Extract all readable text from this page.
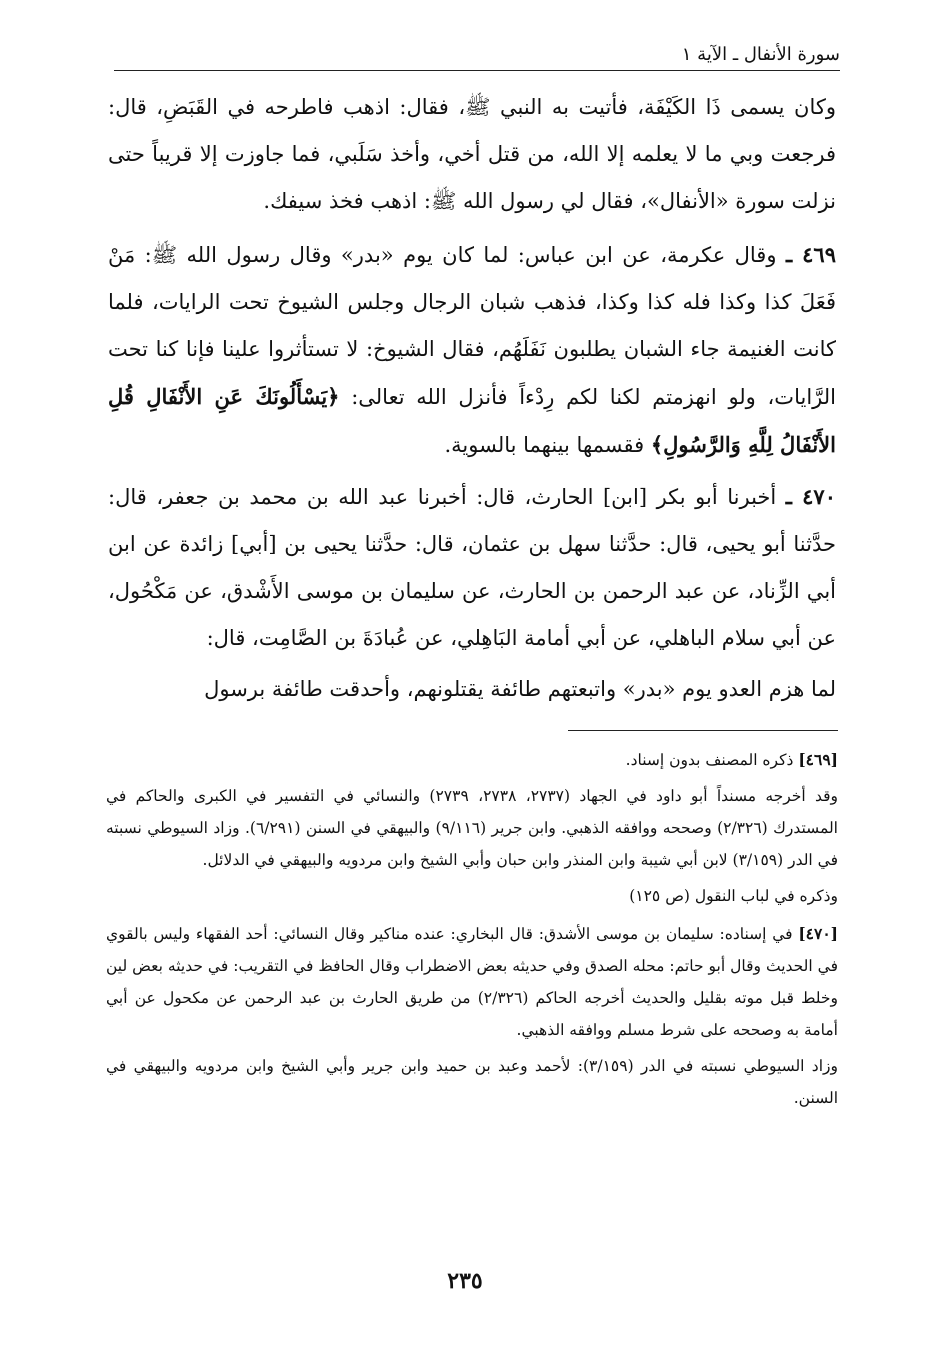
سورة الأنفال ـ الآية ١

وكان يسمى ذَا الكَيْفَة، فأتيت به النبي ﷺ، فقال: اذهب فاطرحه في القَبَضِ، قال: فرجعت وبي ما لا يعلمه إلا الله، من قتل أخي، وأخذ سَلَبي، فما جاوزت إلا قريباً حتى نزلت سورة «الأنفال»، فقال لي رسول الله ﷺ: اذهب فخذ سيفك.

٤٦٩ ـ وقال عكرمة، عن ابن عباس: لما كان يوم «بدر» وقال رسول الله ﷺ: مَنْ فَعَلَ كذا وكذا فله كذا وكذا، فذهب شبان الرجال وجلس الشيوخ تحت الرايات، فلما كانت الغنيمة جاء الشبان يطلبون نَفَلَهُم، فقال الشيوخ: لا تستأثروا علينا فإنا كنا تحت الرَّايات، ولو انهزمتم لكنا لكم رِدْءاً فأنزل الله تعالى: ﴿يَسْأَلُونَكَ عَنِ الأَنْفَالِ قُلِ الأَنْفَالُ لِلَّهِ وَالرَّسُولِ﴾ فقسمها بينهما بالسوية.

٤٧٠ ـ أخبرنا أبو بكر [ابن] الحارث، قال: أخبرنا عبد الله بن محمد بن جعفر، قال: حدَّثنا أبو يحيى، قال: حدَّثنا سهل بن عثمان، قال: حدَّثنا يحيى بن [أبي] زائدة عن ابن أبي الزِّناد، عن عبد الرحمن بن الحارث، عن سليمان بن موسى الأَشْدق، عن مَكْحُول، عن أبي سلام الباهلي، عن أبي أمامة البَاهِلي، عن عُبادَةَ بن الصَّامِت، قال:

لما هزم العدو يوم «بدر» واتبعتهم طائفة يقتلونهم، وأحدقت طائفة برسول

[٤٦٩] ذكره المصنف بدون إسناد.

وقد أخرجه مسنداً أبو داود في الجهاد (٢٧٣٧، ٢٧٣٨، ٢٧٣٩) والنسائي في التفسير في الكبرى والحاكم في المستدرك (٢/٣٢٦) وصححه ووافقه الذهبي. وابن جرير (٩/١١٦) والبيهقي في السنن (٦/٢٩١). وزاد السيوطي نسبته في الدر (٣/١٥٩) لابن أبي شيبة وابن المنذر وابن حبان وأبي الشيخ وابن مردويه والبيهقي في الدلائل.

وذكره في لباب النقول (ص ١٢٥)

[٤٧٠] في إسناده: سليمان بن موسى الأشدق: قال البخاري: عنده مناكير وقال النسائي: أحد الفقهاء وليس بالقوي في الحديث وقال أبو حاتم: محله الصدق وفي حديثه بعض الاضطراب وقال الحافظ في التقريب: في حديثه بعض لين وخلط قبل موته بقليل والحديث أخرجه الحاكم (٢/٣٢٦) من طريق الحارث بن عبد الرحمن عن مكحول عن أبي أمامة به وصححه على شرط مسلم ووافقه الذهبي.

وزاد السيوطي نسبته في الدر (٣/١٥٩): لأحمد وعبد بن حميد وابن جرير وأبي الشيخ وابن مردويه والبيهقي في السنن.

٢٣٥
